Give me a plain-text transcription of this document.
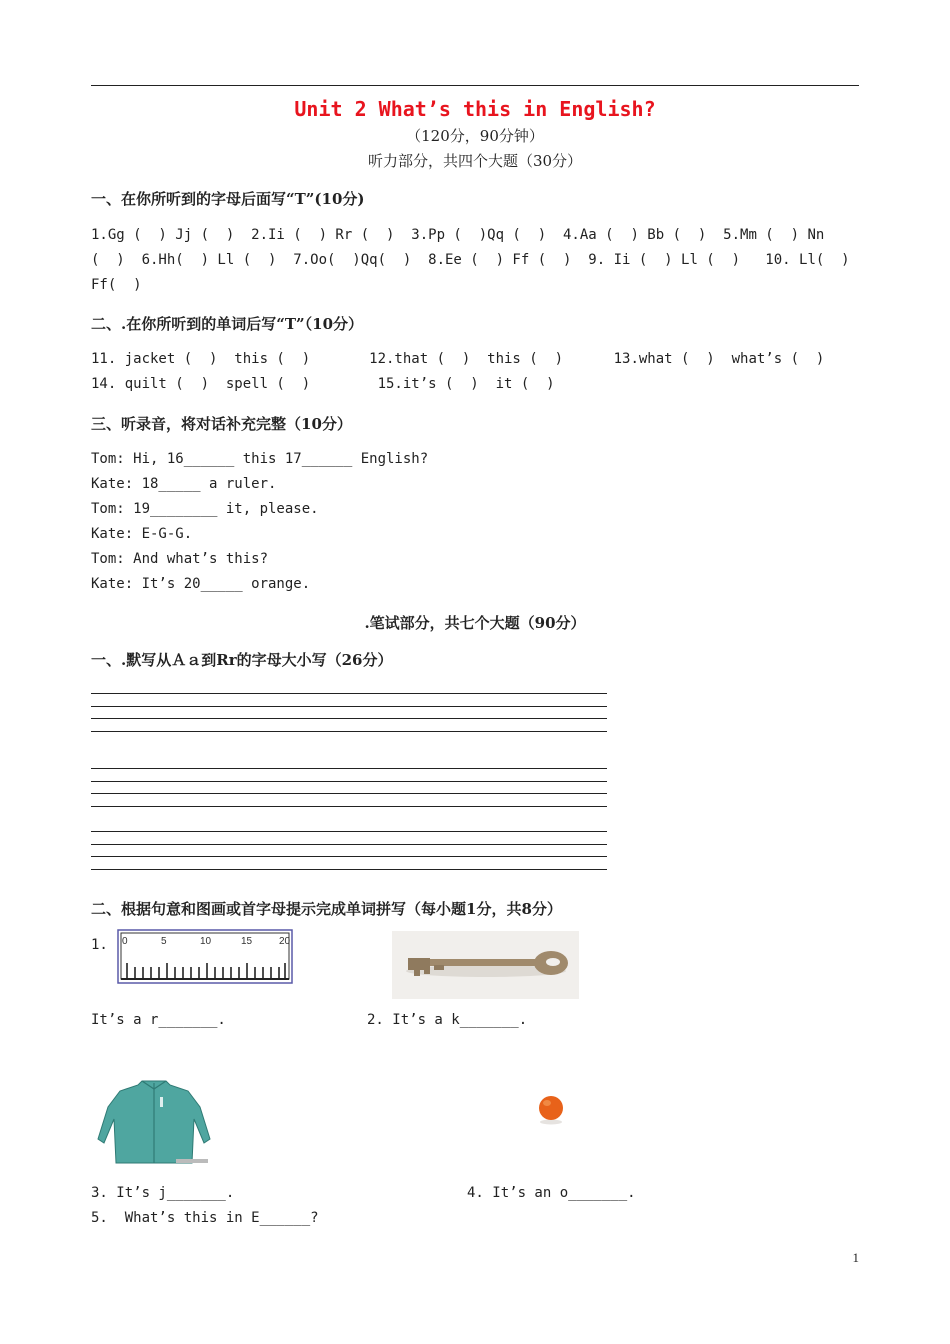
Unit 2 What’s this in English?
（120分，90分钟）
听力部分，共四个大题（30分）
一、在你所听到的字母后面写“T”(10分)
1.Gg (  ) Jj (  )  2.Ii (  ) Rr (  )  3.Pp (  )Qq (  )  4.Aa (  ) Bb (  )  5.Mm (  ) Nn
(  )  6.Hh(  ) Ll (  )  7.Oo(  )Qq(  )  8.Ee (  ) Ff (  )  9. Ii (  ) Ll (  )   10. Ll(  )
Ff(  )
二、.在你所听到的单词后写“T”（10分）
11. jacket (  )  this (  )       12.that (  )  this (  )      13.what (  )  what’s (  )
14. quilt (  )  spell (  )        15.it’s (  )  it (  )
三、听录音，将对话补充完整（10分）
Tom: Hi, 16______ this 17______ English?
Kate: 18_____ a ruler.
Tom: 19________ it, please.
Kate: E-G-G.
Tom: And what’s this?
Kate: It’s 20_____ orange.
.笔试部分，共七个大题（90分）
一、.默写从Ａａ到Rr的字母大小写（26分）
二、根据句意和图画或首字母提示完成单词拼写（每小题1分，共8分）
1. 0	5	10	15	20
It’s a r_______.	2. It’s a k_______.
3. It’s j_______.	4. It’s an o_______.
5.  What’s this in E______?
1
